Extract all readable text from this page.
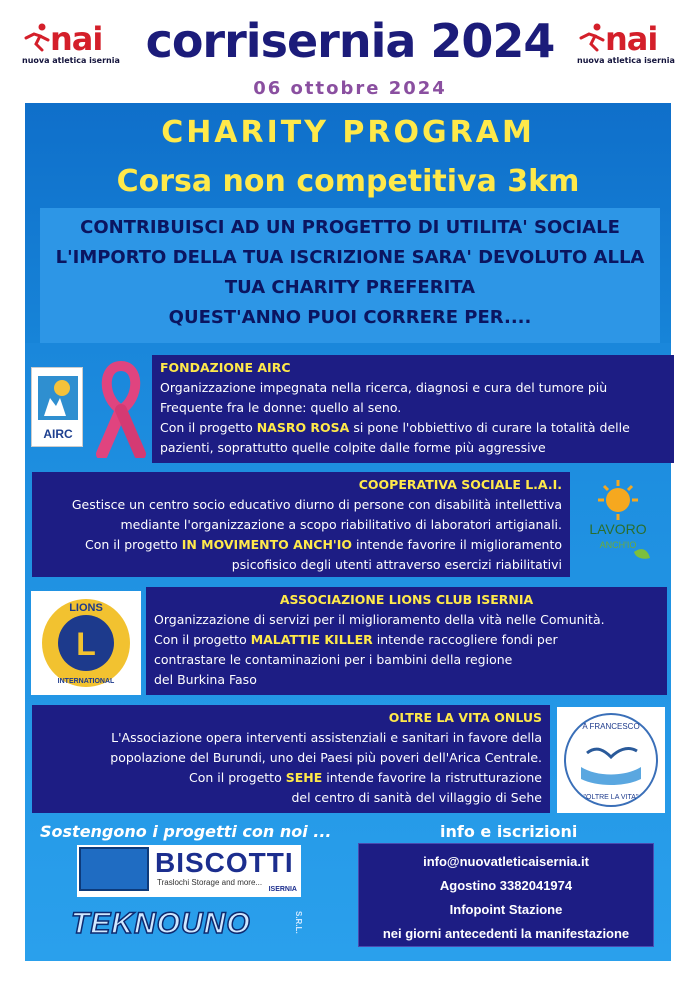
nai
nuova atletica isernia corrisernia 2024
06 ottobre 2024
nai
nuova atletica isernia
CHARITY PROGRAM
Corsa non competitiva 3km
CONTRIBUISCI AD UN PROGETTO DI UTILITA' SOCIALE
L'IMPORTO DELLA TUA ISCRIZIONE SARA' DEVOLUTO ALLA
TUA CHARITY PREFERITA
QUEST'ANNO PUOI CORRERE PER....
AIRC
FONDAZIONE AIRC
Organizzazione impegnata nella ricerca, diagnosi e cura del tumore più
Frequente fra le donne: quello al seno.
Con il progetto NASRO ROSA si pone l'obbiettivo di curare la totalità delle
pazienti, soprattutto quelle colpite dalle forme più aggressive
COOPERATIVA SOCIALE L.A.I.
Gestisce un centro socio educativo diurno di persone con disabilità intellettiva
mediante l'organizzazione a scopo riabilitativo di laboratori artigianali.
Con il progetto IN MOVIMENTO ANCH'IO intende favorire il miglioramento
psicofisico degli utenti attraverso esercizi riabilitativi
LAVORO
ANCH'IO
L
LIONS
INTERNATIONAL
ASSOCIAZIONE LIONS CLUB ISERNIA
Organizzazione di servizi per il miglioramento della vità nelle Comunità.
Con il progetto MALATTIE KILLER intende raccogliere fondi per
contrastare le contaminazioni per i bambini della regione
del Burkina Faso
OLTRE LA VITA ONLUS
L'Associazione opera interventi assistenziali e sanitari in favore della
popolazione del Burundi, uno dei Paesi più poveri dell'Arica Centrale.
Con il progetto SEHE intende favorire la ristrutturazione
del centro di sanità del villaggio di Sehe
A FRANCESCO
"OLTRE LA VITA"
Sostengono i progetti con noi ...	info e iscrizioni
BISCOTTI
Traslochi Storage and more...
ISERNIA
TEKNOUNO	S.R.L.
info@nuovatleticaisernia.it
Agostino 3382041974
Infopoint Stazione
nei giorni antecedenti la manifestazione
